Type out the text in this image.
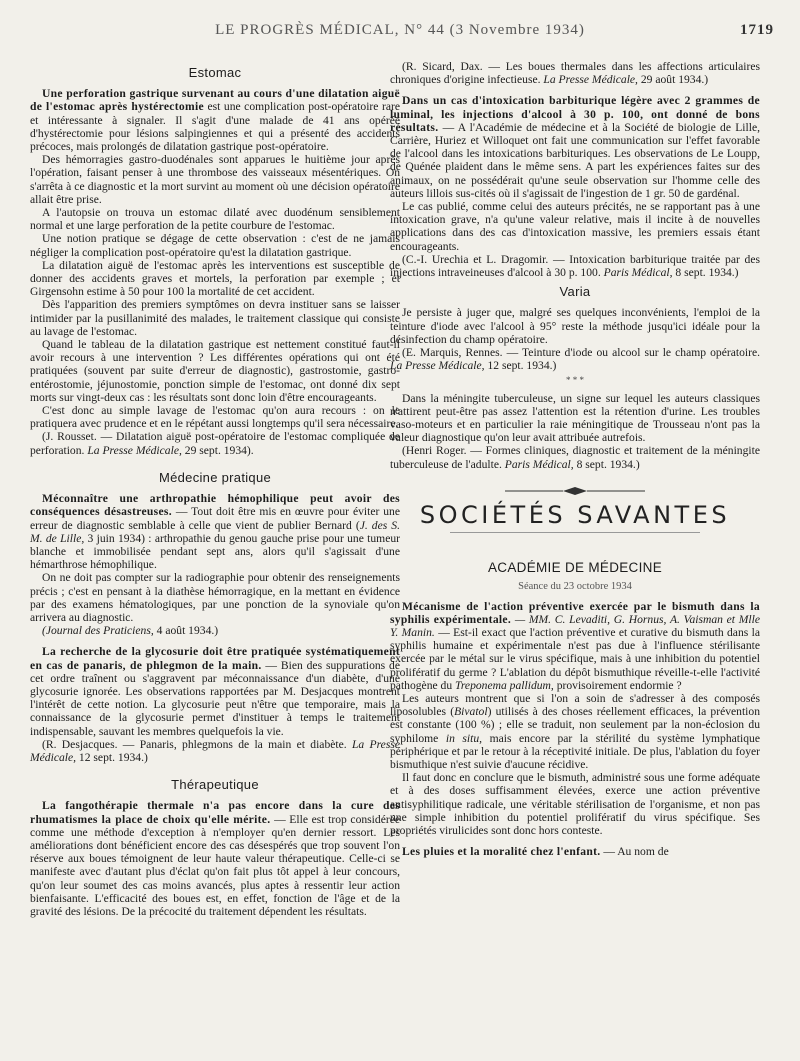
LE PROGRÈS MÉDICAL, N° 44 (3 Novembre 1934)	1719
Estomac

Une perforation gastrique survenant au cours d'une dilatation aiguë de l'estomac après hystérectomie est une complication post-opératoire rare et intéressante à signaler. Il s'agit d'une malade de 41 ans opérée d'hystérectomie pour lésions salpingiennes et qui a présenté des accidents précoces, mais prolongés de dilatation gastrique post-opératoire.

Des hémorragies gastro-duodénales sont apparues le huitième jour après l'opération, faisant penser à une thrombose des vaisseaux mésentériques. On s'arrêta à ce diagnostic et la mort survint au moment où une décision opératoire allait être prise.

A l'autopsie on trouva un estomac dilaté avec duodénum sensiblement normal et une large perforation de la petite courbure de l'estomac.

Une notion pratique se dégage de cette observation : c'est de ne jamais négliger la complication post-opératoire qu'est la dilatation gastrique.

La dilatation aiguë de l'estomac après les interventions est susceptible de donner des accidents graves et mortels, la perforation par exemple ; et Girgensohn estime à 50 pour 100 la mortalité de cet accident.

Dès l'apparition des premiers symptômes on devra instituer sans se laisser intimider par la pusillanimité des malades, le traitement classique qui consiste au lavage de l'estomac.

Quand le tableau de la dilatation gastrique est nettement constitué faut-il avoir recours à une intervention ? Les différentes opérations qui ont été pratiquées (souvent par suite d'erreur de diagnostic), gastrostomie, gastro-entérostomie, jéjunostomie, ponction simple de l'estomac, ont donné dix sept morts sur vingt-deux cas : les résultats sont donc loin d'être encourageants.

C'est donc au simple lavage de l'estomac qu'on aura recours : on le pratiquera avec prudence et en le répétant aussi longtemps qu'il sera nécessaire.

(J. Rousset. — Dilatation aiguë post-opératoire de l'estomac compliquée de perforation. La Presse Médicale, 29 sept. 1934).

Médecine pratique

Méconnaître une arthropathie hémophilique peut avoir des conséquences désastreuses. — Tout doit être mis en œuvre pour éviter une erreur de diagnostic semblable à celle que vient de publier Bernard (J. des S. M. de Lille, 3 juin 1934) : arthropathie du genou gauche prise pour une tumeur blanche et immobilisée pendant sept ans, alors qu'il s'agissait d'une hémarthrose hémophilique.

On ne doit pas compter sur la radiographie pour obtenir des renseignements précis ; c'est en pensant à la diathèse hémorragique, en la mettant en évidence par des examens hématologiques, par une ponction de la synoviale qu'on arrivera au diagnostic.

(Journal des Praticiens, 4 août 1934.)

La recherche de la glycosurie doit être pratiquée systématiquement en cas de panaris, de phlegmon de la main. — Bien des suppurations de cet ordre traînent ou s'aggravent par méconnaissance d'un diabète, d'une glycosurie ignorée. Les observations rapportées par M. Desjacques montrent l'intérêt de cette notion. La glycosurie peut n'être que temporaire, mais la connaissance de la glycosurie permet d'instituer à temps le traitement indispensable, sauvant les membres quelquefois la vie.

(R. Desjacques. — Panaris, phlegmons de la main et diabète. La Presse Médicale, 12 sept. 1934.)

Thérapeutique

La fangothérapie thermale n'a pas encore dans la cure des rhumatismes la place de choix qu'elle mérite. — Elle est trop considérée comme une méthode d'exception à n'employer qu'en dernier ressort. Les améliorations dont bénéficient encore des cas désespérés que trop souvent l'on réserve aux boues témoignent de leur haute valeur thérapeutique. Celle-ci se manifeste avec d'autant plus d'éclat qu'on fait plus tôt appel à leur concours, qu'on leur soumet des cas moins avancés, plus aptes à ressentir leur action bienfaisante. L'efficacité des boues est, en effet, fonction de l'âge et de la gravité des lésions. De la précocité du traitement dépendent les résultats.

(R. Sicard, Dax. — Les boues thermales dans les affections articulaires chroniques d'origine infectieuse. La Presse Médicale, 29 août 1934.)

Dans un cas d'intoxication barbiturique légère avec 2 grammes de luminal, les injections d'alcool à 30 p. 100, ont donné de bons résultats. — A l'Académie de médecine et à la Société de biologie de Lille, Carrière, Huriez et Willoquet ont fait une communication sur l'effet favorable de l'alcool dans les intoxications barbituriques. Les observations de Le Loupp, de Quénée plaident dans le même sens. A part les expériences faites sur des animaux, on ne possédérait qu'une seule observation sur l'homme celle des auteurs lillois sus-cités où il s'agissait de l'ingestion de 1 gr. 50 de gardénal.

Le cas publié, comme celui des auteurs précités, ne se rapportant pas à une intoxication grave, n'a qu'une valeur relative, mais il incite à de nouvelles applications dans des cas d'intoxication massive, les premiers essais étant encourageants.

(C.-I. Urechia et L. Dragomir. — Intoxication barbiturique traitée par des injections intraveineuses d'alcool à 30 p. 100. Paris Médical, 8 sept. 1934.)

Varia

Je persiste à juger que, malgré ses quelques inconvénients, l'emploi de la teinture d'iode avec l'alcool à 95° reste la méthode jusqu'ici idéale pour la désinfection du champ opératoire.

(E. Marquis, Rennes. — Teinture d'iode ou alcool sur le champ opératoire. La Presse Médicale, 12 sept. 1934.)

* * *

Dans la méningite tuberculeuse, un signe sur lequel les auteurs classiques n'attirent peut-être pas assez l'attention est la rétention d'urine. Les troubles vaso-moteurs et en particulier la raie méningitique de Trousseau n'ont pas la valeur diagnostique qu'on leur avait attribuée autrefois.

(Henri Roger. — Formes cliniques, diagnostic et traitement de la méningite tuberculeuse de l'adulte. Paris Médical, 8 sept. 1934.)

SOCIÉTÉS SAVANTES
ACADÉMIE DE MÉDECINE
Séance du 23 octobre 1934

Mécanisme de l'action préventive exercée par le bismuth dans la syphilis expérimentale. — MM. C. Levaditi, G. Hornus, A. Vaisman et Mlle Y. Manin. — Est-il exact que l'action préventive et curative du bismuth dans la syphilis humaine et expérimentale n'est pas due à l'influence stérilisante exercée par le métal sur le virus spécifique, mais à une inhibition du potentiel prolifératif du germe ? L'ablation du dépôt bismuthique réveille-t-elle l'activité pathogène du Treponema pallidum, provisoirement endormie ?

Les auteurs montrent que si l'on a soin de s'adresser à des composés liposolubles (Bivatol) utilisés à des choses réellement efficaces, la prévention est constante (100 %) ; elle se traduit, non seulement par la non-éclosion du syphilome in situ, mais encore par la stérilité du système lymphatique périphérique et par le retour à la réceptivité initiale. De plus, l'ablation du foyer bismuthique n'est suivie d'aucune récidive.

Il faut donc en conclure que le bismuth, administré sous une forme adéquate et à des doses suffisamment élevées, exerce une action préventive antisyphilitique radicale, une véritable stérilisation de l'organisme, et non pas une simple inhibition du potentiel prolifératif du virus spécifique. Ses propriétés virulicides sont donc hors conteste.

Les pluies et la moralité chez l'enfant. — Au nom de
